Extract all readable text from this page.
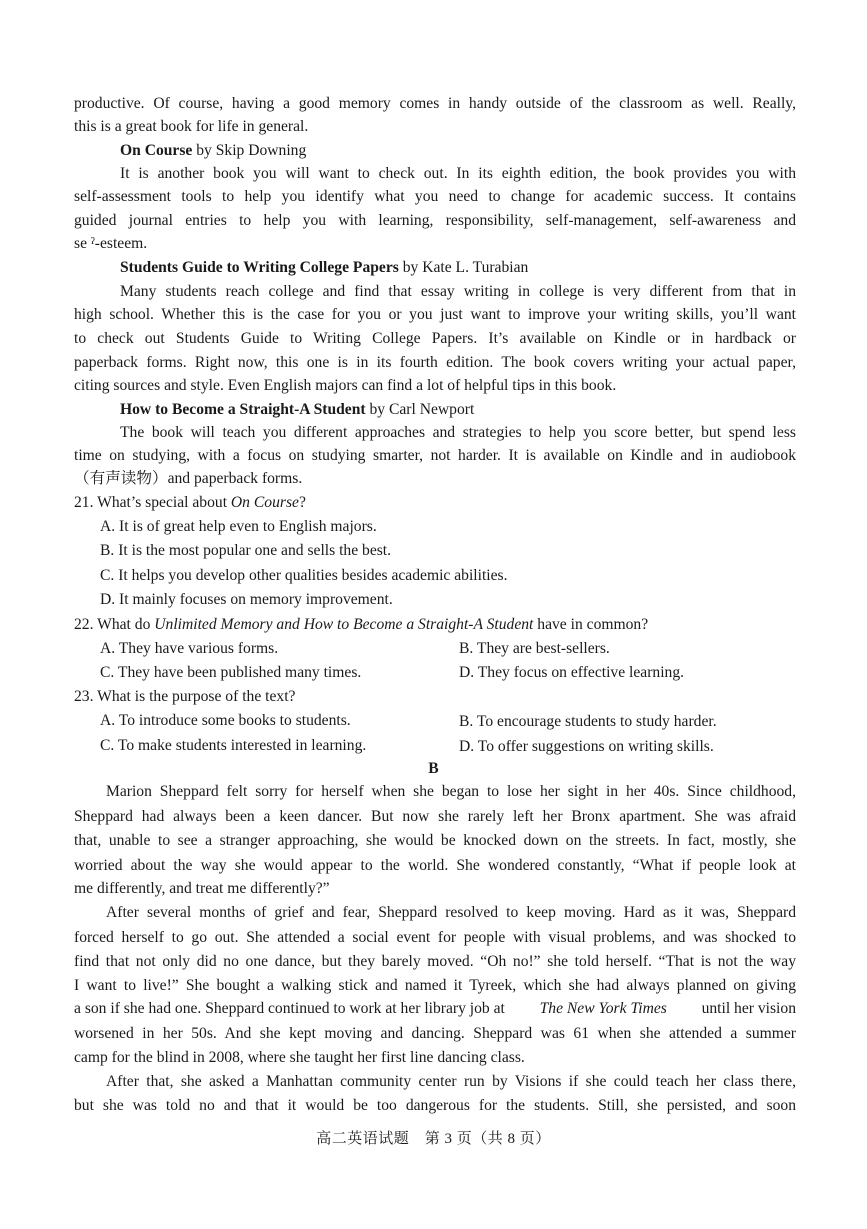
productive. Of course, having a good memory comes in handy outside of the classroom as well. Really,
this is a great book for life in general.
On Course by Skip Downing
It is another book you will want to check out. In its eighth edition, the book provides you with
self-assessment tools to help you identify what you need to change for academic success. It contains
guided journal entries to help you with learning, responsibility, self-management, self-awareness and
se ˀ-esteem.
Students Guide to Writing College Papers by Kate L. Turabian
Many students reach college and find that essay writing in college is very different from that in
high school. Whether this is the case for you or you just want to improve your writing skills, you’ll want
to check out Students Guide to Writing College Papers. It’s available on Kindle or in hardback or
paperback forms. Right now, this one is in its fourth edition. The book covers writing your actual paper,
citing sources and style. Even English majors can find a lot of helpful tips in this book.
How to Become a Straight-A Student by Carl Newport
The book will teach you different approaches and strategies to help you score better, but spend less
time on studying, with a focus on studying smarter, not harder. It is available on Kindle and in audiobook
（有声读物）and paperback forms.
21. What’s special about On Course?
A. It is of great help even to English majors.
B. It is the most popular one and sells the best.
C. It helps you develop other qualities besides academic abilities.
D. It mainly focuses on memory improvement.
22. What do Unlimited Memory and How to Become a Straight-A Student have in common?
A. They have various forms.	B. They are best-sellers.
C. They have been published many times.	D. They focus on effective learning.
23. What is the purpose of the text?
A. To introduce some books to students.	B. To encourage students to study harder.
C. To make students interested in learning.	D. To offer suggestions on writing skills.
B
Marion Sheppard felt sorry for herself when she began to lose her sight in her 40s. Since childhood,
Sheppard had always been a keen dancer. But now she rarely left her Bronx apartment. She was afraid
that, unable to see a stranger approaching, she would be knocked down on the streets. In fact, mostly, she
worried about the way she would appear to the world. She wondered constantly, “What if people look at
me differently, and treat me differently?”
After several months of grief and fear, Sheppard resolved to keep moving. Hard as it was, Sheppard
forced herself to go out. She attended a social event for people with visual problems, and was shocked to
find that not only did no one dance, but they barely moved. “Oh no!” she told herself. “That is not the way
I want to live!” She bought a walking stick and named it Tyreek, which she had always planned on giving
a son if she had one. Sheppard continued to work at her library job at The New York Times until her vision
worsened in her 50s. And she kept moving and dancing. Sheppard was 61 when she attended a summer
camp for the blind in 2008, where she taught her first line dancing class.
After that, she asked a Manhattan community center run by Visions if she could teach her class there,
but she was told no and that it would be too dangerous for the students. Still, she persisted, and soon
高二英语试题　第 3 页（共 8 页）
